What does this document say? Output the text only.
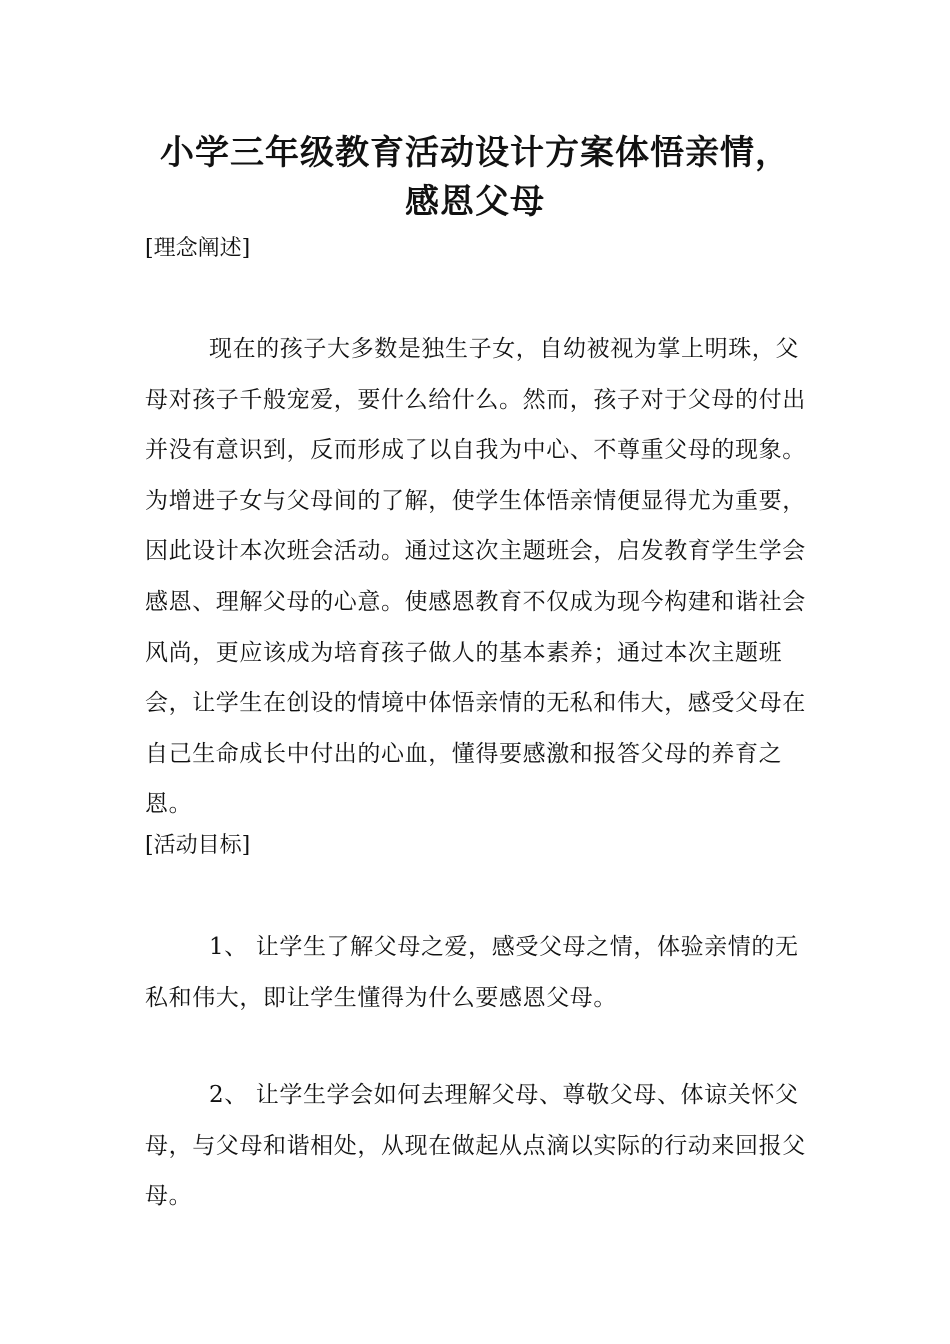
小学三年级教育活动设计方案体悟亲情，
感恩父母
[理念阐述]

现在的孩子大多数是独生子女，自幼被视为掌上明珠，父母对孩子千般宠爱，要什么给什么。然而，孩子对于父母的付出并没有意识到，反而形成了以自我为中心、不尊重父母的现象。为增进子女与父母间的了解，使学生体悟亲情便显得尤为重要，因此设计本次班会活动。通过这次主题班会，启发教育学生学会感恩、理解父母的心意。使感恩教育不仅成为现今构建和谐社会风尚，更应该成为培育孩子做人的基本素养；通过本次主题班会，让学生在创设的情境中体悟亲情的无私和伟大，感受父母在自己生命成长中付出的心血，懂得要感激和报答父母的养育之恩。

[活动目标]

1、 让学生了解父母之爱，感受父母之情，体验亲情的无私和伟大，即让学生懂得为什么要感恩父母。

2、 让学生学会如何去理解父母、尊敬父母、体谅关怀父母，与父母和谐相处，从现在做起从点滴以实际的行动来回报父母。
